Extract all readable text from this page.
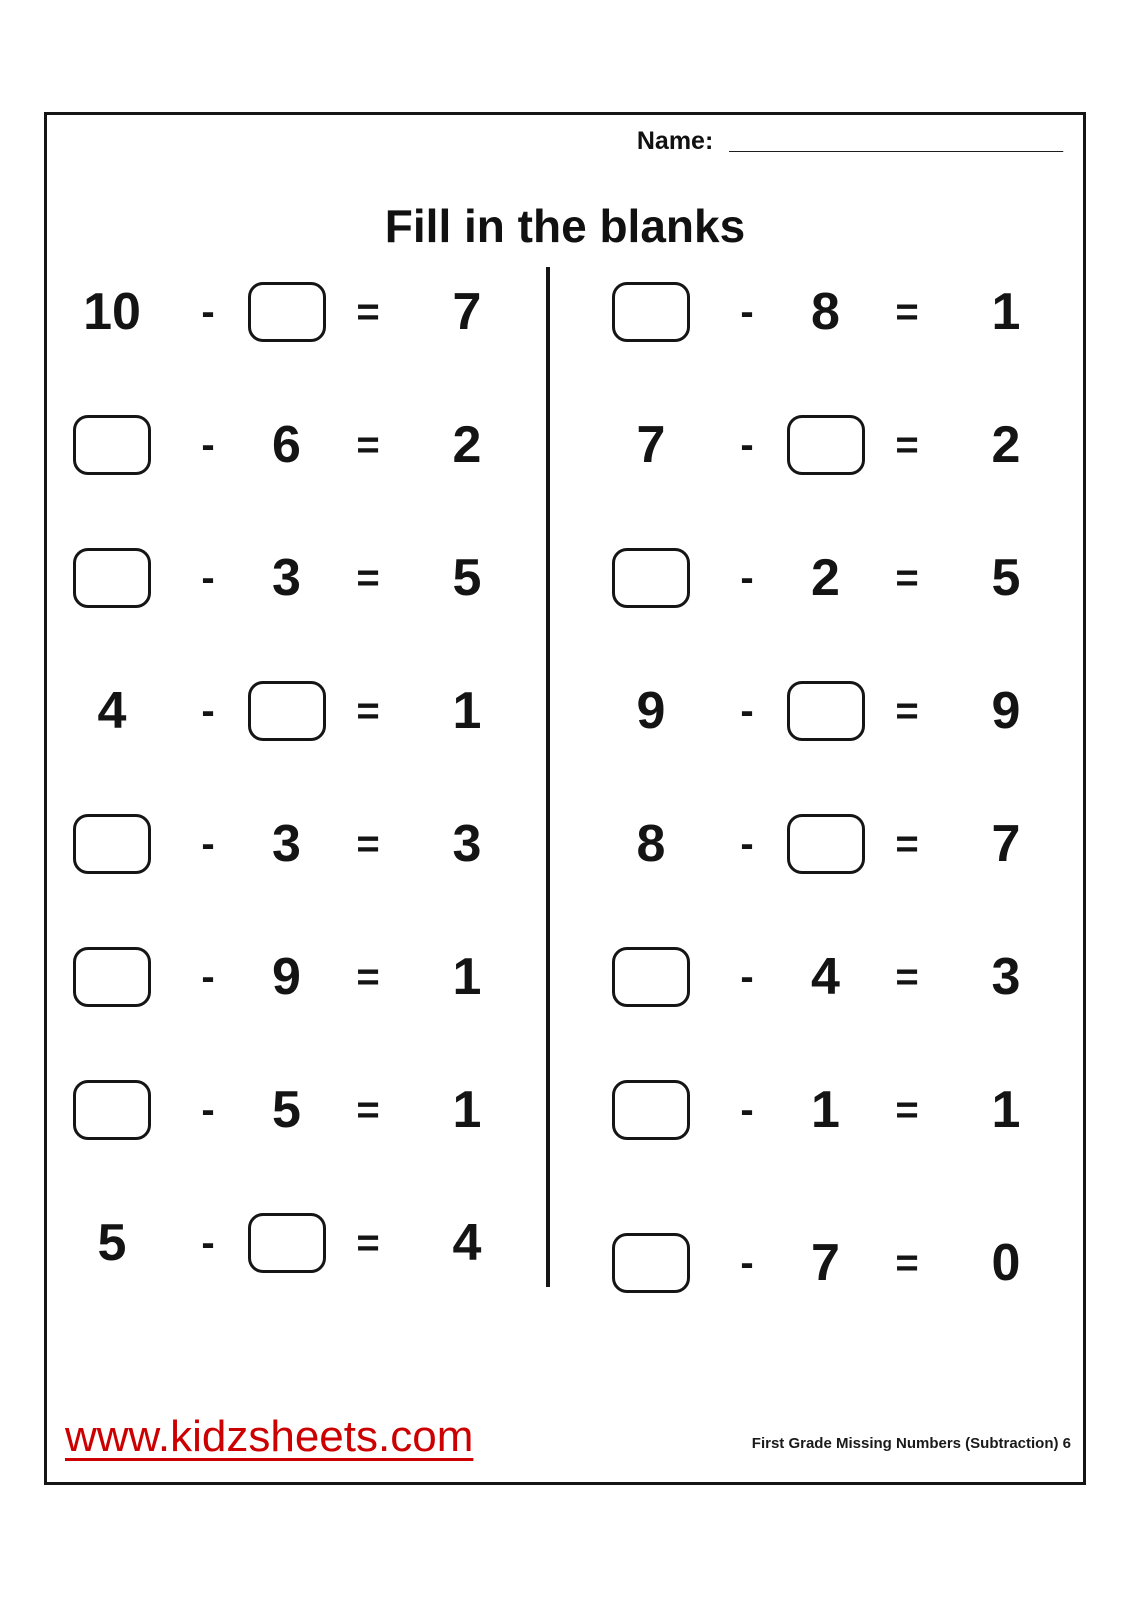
Name: ________________________
Fill in the blanks
10 -	= 7
- 6 = 2
- 3 = 5
4 -	= 1
- 3 = 3
- 9 = 1
- 5 = 1
5 -	= 4
- 8 = 1
7 -	= 2
- 2 = 5
9 -	= 9
8 -	= 7
- 4 = 3
- 1 = 1
- 7 = 0
www.kidzsheets.com	First Grade Missing Numbers (Subtraction) 6
